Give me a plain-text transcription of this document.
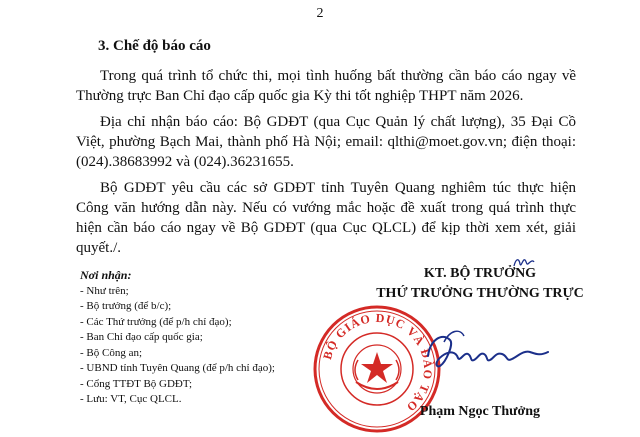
2
3. Chế độ báo cáo
Trong quá trình tổ chức thi, mọi tình huống bất thường cần báo cáo ngay về Thường trực Ban Chỉ đạo cấp quốc gia Kỳ thi tốt nghiệp THPT năm 2026.
Địa chỉ nhận báo cáo: Bộ GDĐT (qua Cục Quản lý chất lượng), 35 Đại Cồ Việt, phường Bạch Mai, thành phố Hà Nội; email: qlthi@moet.gov.vn; điện thoại: (024).38683992 và (024).36231655.
Bộ GDĐT yêu cầu các sở GDĐT tỉnh Tuyên Quang nghiêm túc thực hiện Công văn hướng dẫn này. Nếu có vướng mắc hoặc đề xuất trong quá trình thực hiện cần báo cáo ngay về Bộ GDĐT (qua Cục QLCL) để kịp thời xem xét, giải quyết./.
Nơi nhận:
- Như trên;
- Bộ trưởng (để b/c);
- Các Thứ trưởng (để p/h chỉ đạo);
- Ban Chỉ đạo cấp quốc gia;
- Bộ Công an;
- UBND tỉnh Tuyên Quang (để p/h chỉ đạo);
- Cổng TTĐT Bộ GDĐT;
- Lưu: VT, Cục QLCL.
KT. BỘ TRƯỞNG
THỨ TRƯỞNG THƯỜNG TRỰC
BỘ GIÁO DỤC VÀ ĐÀO TẠO Phạm Ngọc Thưởng
